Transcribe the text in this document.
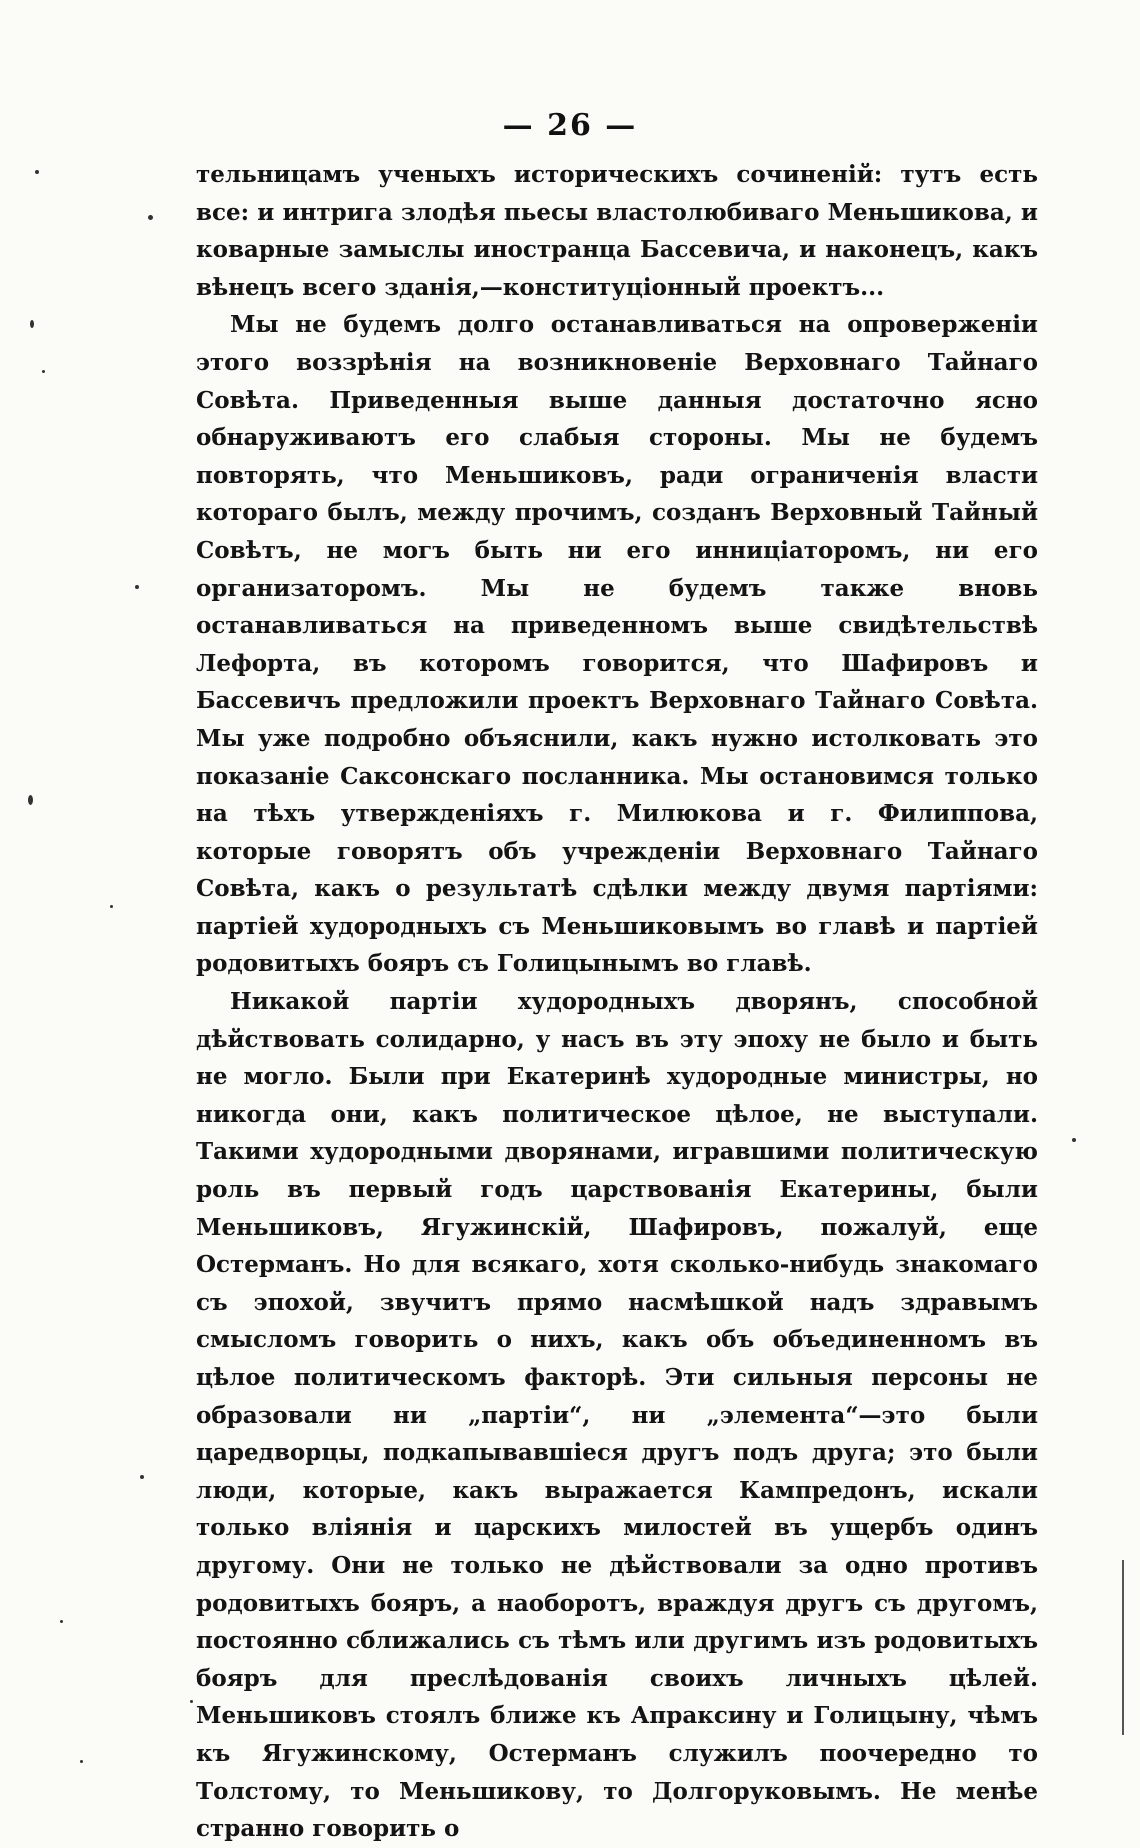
— 26 —

тельницамъ ученыхъ историческихъ сочиненій: тутъ есть все: и интрига злодѣя пьесы властолюбиваго Меньшикова, и коварные замыслы иностранца Бассевича, и наконецъ, какъ вѣнецъ всего зданія,—конституціонный проектъ...

Мы не будемъ долго останавливаться на опроверженіи этого воззрѣнія на возникновеніе Верховнаго Тайнаго Совѣта. Приведенныя выше данныя достаточно ясно обнаруживаютъ его слабыя стороны. Мы не будемъ повторять, что Меньшиковъ, ради ограниченія власти котораго былъ, между прочимъ, созданъ Верховный Тайный Совѣтъ, не могъ быть ни его инниціаторомъ, ни его организаторомъ. Мы не будемъ также вновь останавливаться на приведенномъ выше свидѣтельствѣ Лефорта, въ которомъ говорится, что Шафировъ и Бассевичъ предложили проектъ Верховнаго Тайнаго Совѣта. Мы уже подробно объяснили, какъ нужно истолковать это показаніе Саксонскаго посланника. Мы остановимся только на тѣхъ утвержденіяхъ г. Милюкова и г. Филиппова, которые говорятъ объ учрежденіи Верховнаго Тайнаго Совѣта, какъ о результатѣ сдѣлки между двумя партіями: партіей худородныхъ съ Меньшиковымъ во главѣ и партіей родовитыхъ бояръ съ Голицынымъ во главѣ.

Никакой партіи худородныхъ дворянъ, способной дѣйствовать солидарно, у насъ въ эту эпоху не было и быть не могло. Были при Екатеринѣ худородные министры, но никогда они, какъ политическое цѣлое, не выступали. Такими худородными дворянами, игравшими политическую роль въ первый годъ царствованія Екатерины, были Меньшиковъ, Ягужинскій, Шафировъ, пожалуй, еще Остерманъ. Но для всякаго, хотя сколько-нибудь знакомаго съ эпохой, звучитъ прямо насмѣшкой надъ здравымъ смысломъ говорить о нихъ, какъ объ объединенномъ въ цѣлое политическомъ факторѣ. Эти сильныя персоны не образовали ни „партіи“, ни „элемента“—это были царедворцы, подкапывавшіеся другъ подъ друга; это были люди, которые, какъ выражается Кампредонъ, искали только вліянія и царскихъ милостей въ ущербъ одинъ другому. Они не только не дѣйствовали за одно противъ родовитыхъ бояръ, а наоборотъ, враждуя другъ съ другомъ, постоянно сближались съ тѣмъ или другимъ изъ родовитыхъ бояръ для преслѣдованія своихъ личныхъ цѣлей. Меньшиковъ стоялъ ближе къ Апраксину и Голицыну, чѣмъ къ Ягужинскому, Остерманъ служилъ поочередно то Толстому, то Меньшикову, то Долгоруковымъ. Не менѣе странно говорить о
